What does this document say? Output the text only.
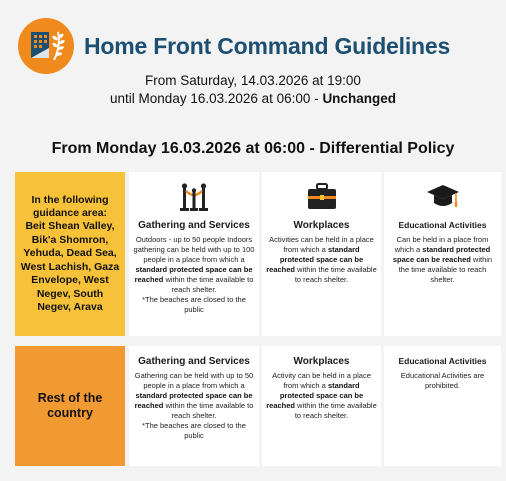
Home Front Command Guidelines
From Saturday, 14.03.2026 at 19:00
until Monday 16.03.2026 at 06:00 - Unchanged
From Monday 16.03.2026 at 06:00 - Differential Policy
In the following guidance area:
Beit Shean Valley, Bik'a Shomron, Yehuda, Dead Sea, West Lachish, Gaza Envelope, West Negev, South Negev, Arava
Gathering and Services
Outdoors - up to 50 people Indoors gathering can be held with up to 100 people in a place from which a standard protected space can be reached within the time available to reach shelter.
*The beaches are closed to the public
Workplaces
Activities can be held in a place from which a standard protected space can be reached within the time available to reach shelter.
Educational Activities
Can be held in a place from which a standard protected space can be reached within the time available to reach shelter.
Rest of the country
Gathering and Services
Gathering can be held with up to 50 people in a place from which a standard protected space can be reached within the time available to reach shelter.
*The beaches are closed to the public
Workplaces
Activity can be held in a place from which a standard protected space can be reached within the time available to reach shelter.
Educational Activities
Educational Activities are prohibited.
